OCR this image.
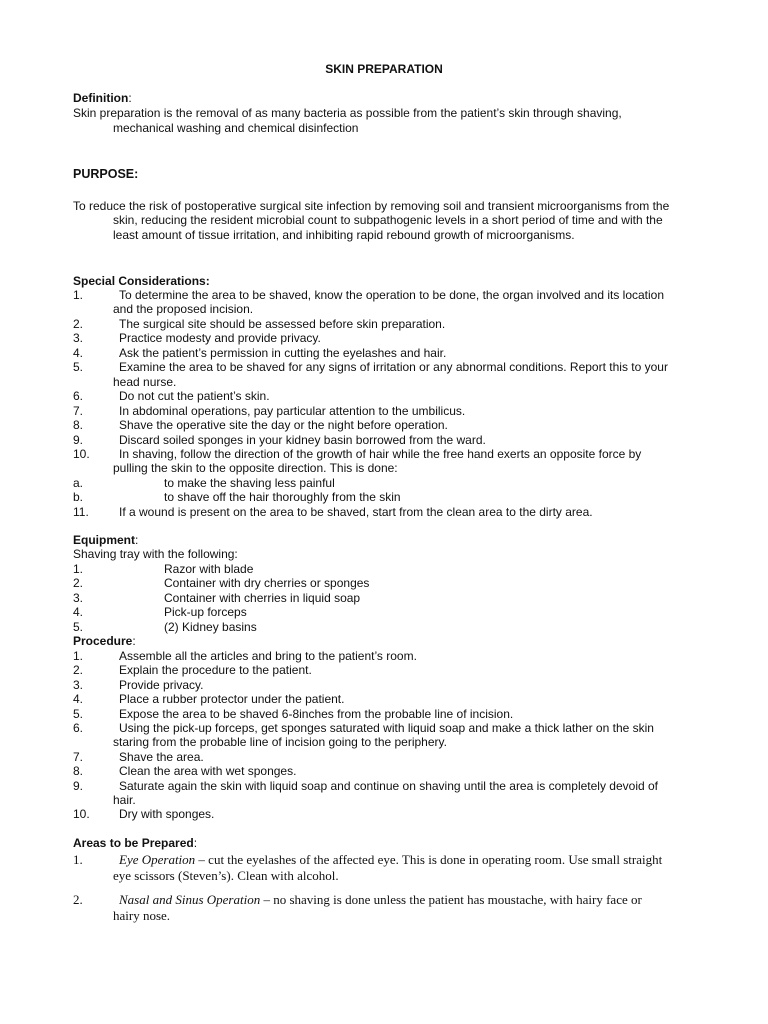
SKIN PREPARATION
Definition:
Skin preparation is the removal of as many bacteria as possible from the patient’s skin through shaving,
mechanical washing and chemical disinfection
PURPOSE:
To reduce the risk of postoperative surgical site infection by removing soil and transient microorganisms from the
skin, reducing the resident microbial count to subpathogenic levels in a short period of time and with the
least amount of tissue irritation, and inhibiting rapid rebound growth of microorganisms.
Special Considerations:
1.	To determine the area to be shaved, know the operation to be done, the organ involved and its location
and the proposed incision.
2.	The surgical site should be assessed before skin preparation.
3.	Practice modesty and provide privacy.
4.	Ask the patient’s permission in cutting the eyelashes and hair.
5.	Examine the area to be shaved for any signs of irritation or any abnormal conditions. Report this to your
head nurse.
6.	Do not cut the patient’s skin.
7.	In abdominal operations, pay particular attention to the umbilicus.
8.	Shave the operative site the day or the night before operation.
9.	Discard soiled sponges in your kidney basin borrowed from the ward.
10. In shaving, follow the direction of the growth of hair while the free hand exerts an opposite force by
pulling the skin to the opposite direction. This is done:
a.	to make the shaving less painful
b.	to shave off the hair thoroughly from the skin
11.	If a wound is present on the area to be shaved, start from the clean area to the dirty area.
Equipment:
Shaving tray with the following:
1.	Razor with blade
2.	Container with dry cherries or sponges
3.	Container with cherries in liquid soap
4.	Pick-up forceps
5.	(2) Kidney basins
Procedure:
1.	Assemble all the articles and bring to the patient’s room.
2.	Explain the procedure to the patient.
3.	Provide privacy.
4.	Place a rubber protector under the patient.
5.	Expose the area to be shaved 6-8inches from the probable line of incision.
6.	Using the pick-up forceps, get sponges saturated with liquid soap and make a thick lather on the skin
staring from the probable line of incision going to the periphery.
7.	Shave the area.
8.	Clean the area with wet sponges.
9.	Saturate again the skin with liquid soap and continue on shaving until the area is completely devoid of
hair.
10. Dry with sponges.
Areas to be Prepared:
1.	Eye Operation – cut the eyelashes of the affected eye. This is done in operating room. Use small straight
eye scissors (Steven’s). Clean with alcohol.
2.	Nasal and Sinus Operation – no shaving is done unless the patient has moustache, with hairy face or
hairy nose.
